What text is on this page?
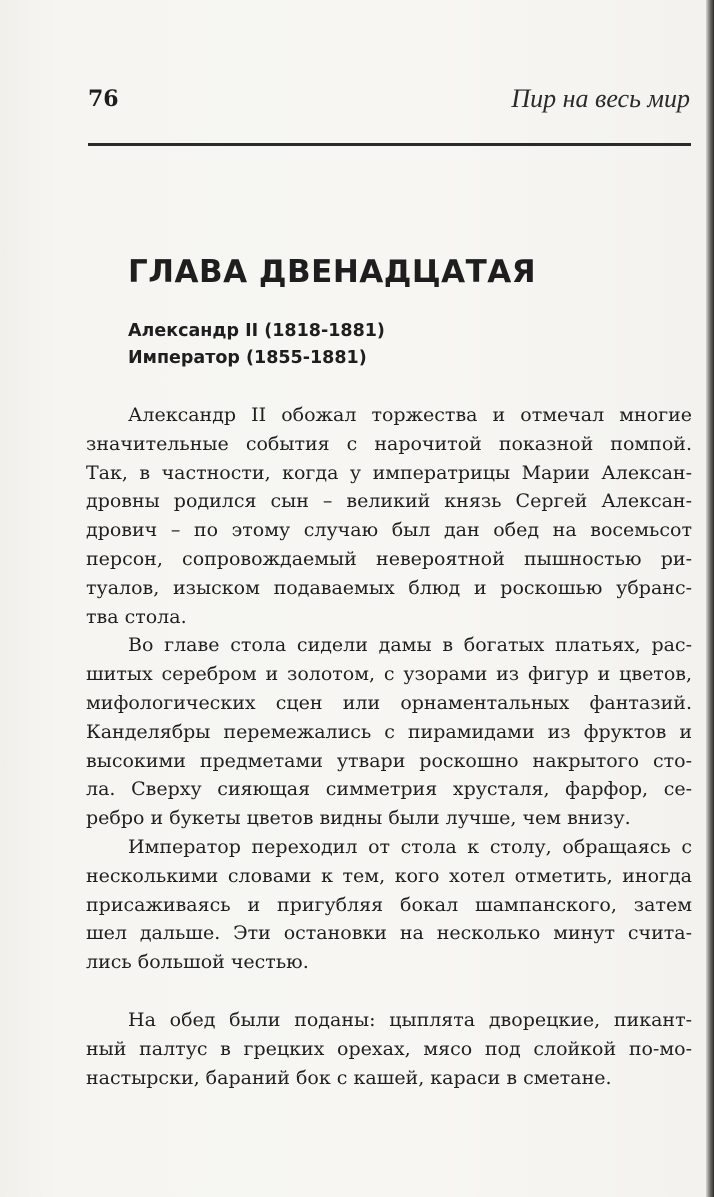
76	Пир на весь мир
ГЛАВА ДВЕНАДЦАТАЯ
Александр II (1818-1881)
Император (1855-1881)
Александр II обожал торжества и отмечал многие
значительные события с нарочитой показной помпой.
Так, в частности, когда у императрицы Марии Алексан-
дровны родился сын – великий князь Сергей Алексан-
дрович – по этому случаю был дан обед на восемьсот
персон, сопровождаемый невероятной пышностью ри-
туалов, изыском подаваемых блюд и роскошью убранс-
тва стола.
Во главе стола сидели дамы в богатых платьях, рас-
шитых серебром и золотом, с узорами из фигур и цветов,
мифологических сцен или орнаментальных фантазий.
Канделябры перемежались с пирамидами из фруктов и
высокими предметами утвари роскошно накрытого сто-
ла. Сверху сияющая симметрия хрусталя, фарфор, се-
ребро и букеты цветов видны были лучше, чем внизу.
Император переходил от стола к столу, обращаясь с
несколькими словами к тем, кого хотел отметить, иногда
присаживаясь и пригубляя бокал шампанского, затем
шел дальше. Эти остановки на несколько минут счита-
лись большой честью.
На обед были поданы: цыплята дворецкие, пикант-
ный палтус в грецких орехах, мясо под слойкой по-мо-
настырски, бараний бок с кашей, караси в сметане.
